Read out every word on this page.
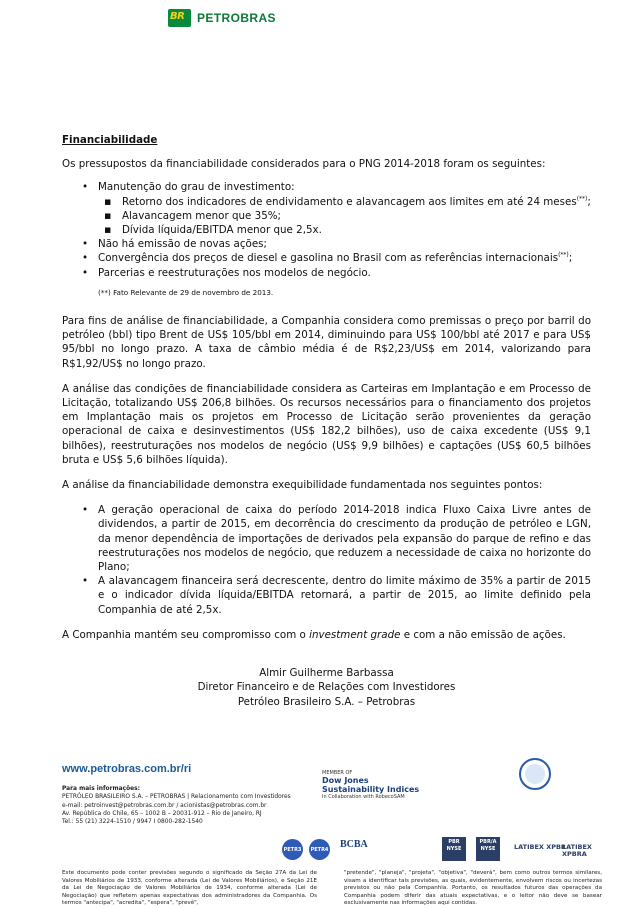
BR PETROBRAS

Financiabilidade

Os pressupostos da financiabilidade considerados para o PNG 2014-2018 foram os seguintes:

• Manutenção do grau de investimento:
▪ Retorno dos indicadores de endividamento e alavancagem aos limites em até 24 meses(**);
▪ Alavancagem menor que 35%;
▪ Dívida líquida/EBITDA menor que 2,5x.
• Não há emissão de novas ações;
• Convergência dos preços de diesel e gasolina no Brasil com as referências internacionais(**);
• Parcerias e reestruturações nos modelos de negócio.

(**) Fato Relevante de 29 de novembro de 2013.

Para fins de análise de financiabilidade, a Companhia considera como premissas o preço por barril do petróleo (bbl) tipo Brent de US$ 105/bbl em 2014, diminuindo para US$ 100/bbl até 2017 e para US$ 95/bbl no longo prazo. A taxa de câmbio média é de R$2,23/US$ em 2014, valorizando para R$1,92/US$ no longo prazo.

A análise das condições de financiabilidade considera as Carteiras em Implantação e em Processo de Licitação, totalizando US$ 206,8 bilhões. Os recursos necessários para o financiamento dos projetos em Implantação mais os projetos em Processo de Licitação serão provenientes da geração operacional de caixa e desinvestimentos (US$ 182,2 bilhões), uso de caixa excedente (US$ 9,1 bilhões), reestruturações nos modelos de negócio (US$ 9,9 bilhões) e captações (US$ 60,5 bilhões bruta e US$ 5,6 bilhões líquida).

A análise da financiabilidade demonstra exequibilidade fundamentada nos seguintes pontos:

• A geração operacional de caixa do período 2014-2018 indica Fluxo Caixa Livre antes de dividendos, a partir de 2015, em decorrência do crescimento da produção de petróleo e LGN, da menor dependência de importações de derivados pela expansão do parque de refino e das reestruturações nos modelos de negócio, que reduzem a necessidade de caixa no horizonte do Plano;
• A alavancagem financeira será decrescente, dentro do limite máximo de 35% a partir de 2015 e o indicador dívida líquida/EBITDA retornará, a partir de 2015, ao limite definido pela Companhia de até 2,5x.

A Companhia mantém seu compromisso com o investment grade e com a não emissão de ações.

Almir Guilherme Barbassa

Diretor Financeiro e de Relações com Investidores

Petróleo Brasileiro S.A. – Petrobras

www.petrobras.com.br/ri
Para mais informações:
PETRÓLEO BRASILEIRO S.A. – PETROBRAS | Relacionamento com Investidores
e-mail: petroinvest@petrobras.com.br / acionistas@petrobras.com.br
Av. República do Chile, 65 – 1002 B – 20031-912 – Rio de Janeiro, RJ
Tel.: 55 (21) 3224-1510 / 9947 I 0800-282-1540
MEMBER OF
Dow Jones
Sustainability Indices
In Collaboration with RobecoSAM
PETR3	PETR4 BCBA	PBR NYSE
PBR/A NYSE	LATIBEX XPBR
LATIBEX XPBRA
Este documento pode conter previsões segundo o significado da Seção 27A da Lei de Valores Mobiliários de 1933, conforme alterada (Lei de Valores Mobiliários), e Seção 21E da Lei de Negociação de Valores Mobiliários de 1934, conforme alterada (Lei de Negociação) que refletem apenas expectativas dos administradores da Companhia. Os termos "antecipa", "acredita", "espera", "prevê",
"pretende", "planeja", "projeta", "objetiva", "deverá", bem como outros termos similares, visam a identificar tais previsões, as quais, evidentemente, envolvem riscos ou incertezas previstos ou não pela Companhia. Portanto, os resultados futuros das operações da Companhia podem diferir das atuais expectativas, e o leitor não deve se basear exclusivamente nas informações aqui contidas.
